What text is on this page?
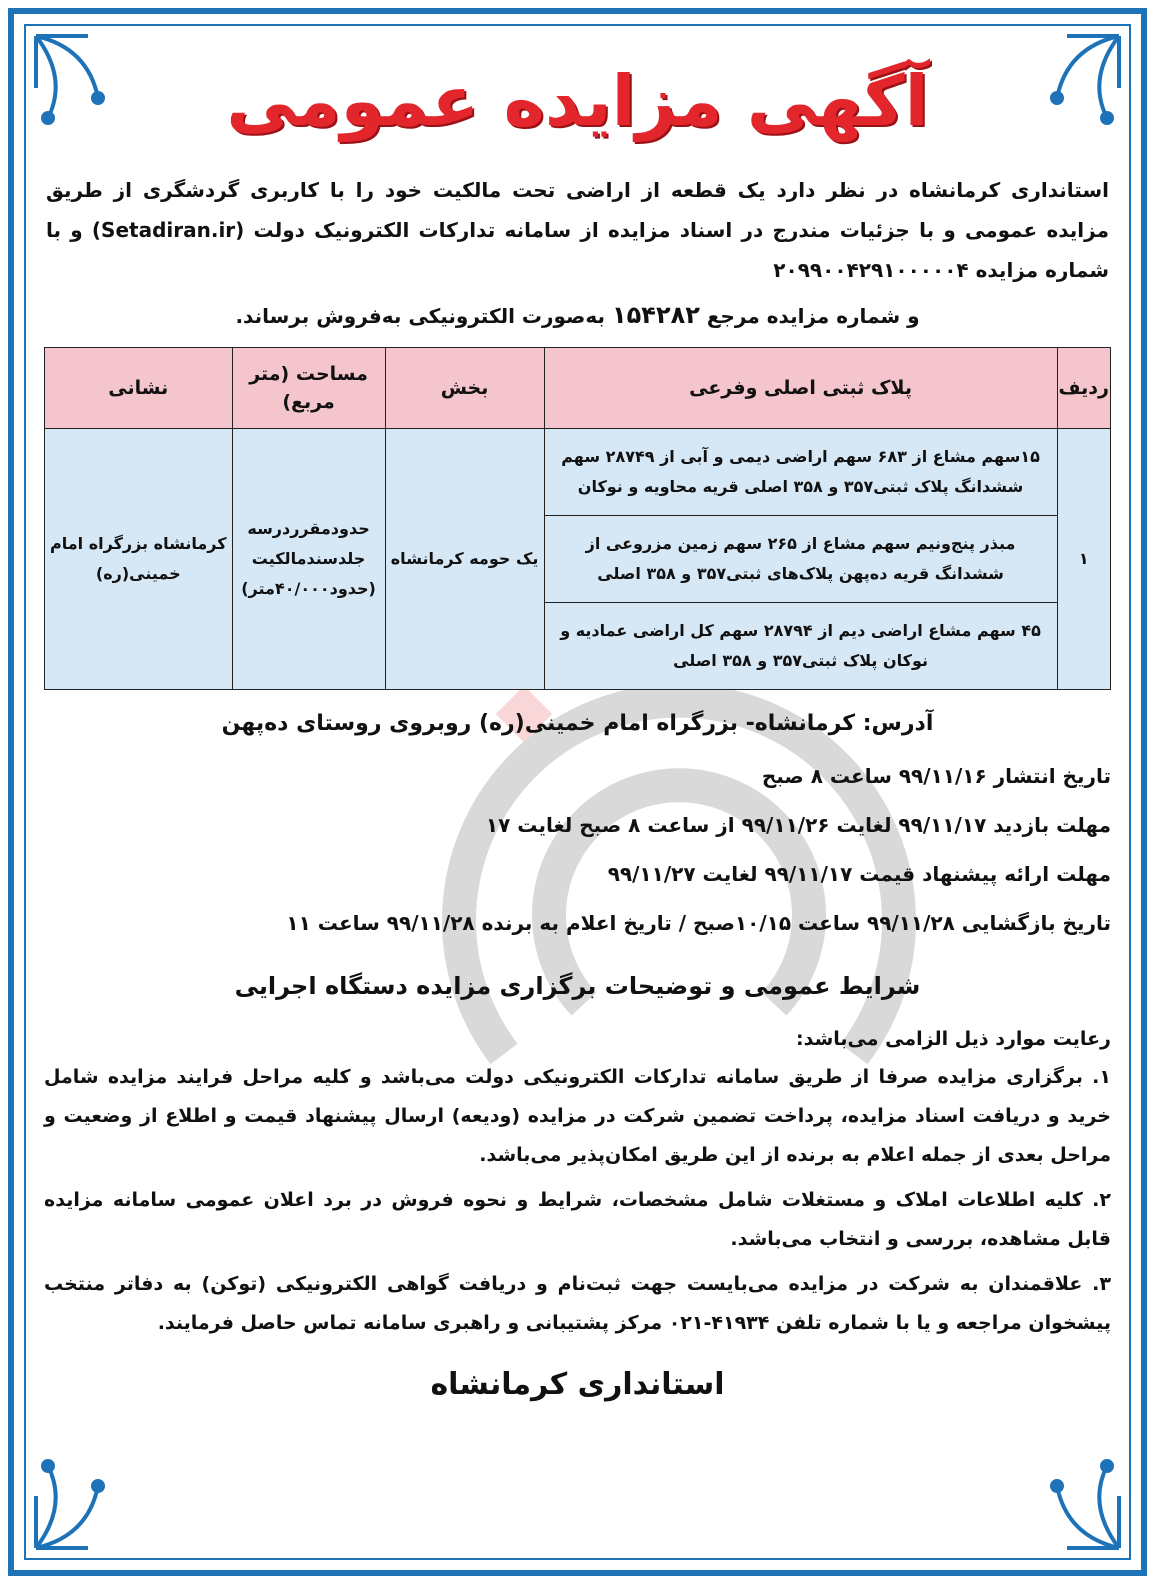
آگهی مزایده عمومی
استانداری کرمانشاه در نظر دارد یک قطعه از اراضی تحت مالکیت خود را با کاربری گردشگری از طریق مزایده عمومی و با جزئیات مندرج در اسناد مزایده از سامانه تدارکات الکترونیک دولت (Setadiran.ir) و با شماره مزایده ۲۰۹۹۰۰۴۲۹۱۰۰۰۰۰۴
و شماره مزایده مرجع ۱۵۴۲۸۲ به‌صورت الکترونیکی به‌فروش برساند.
ردیف	پلاک ثبتی اصلی وفرعی	بخش	مساحت (متر مربع)	نشانی
۱	۱۵سهم مشاع از ۶۸۳ سهم اراضی دیمی و آبی از ۲۸۷۴۹ سهم ششدانگ پلاک ثبتی۳۵۷ و ۳۵۸ اصلی قریه محاویه و نوکان	یک حومه کرمانشاه	حدودمقرردرسه جلدسندمالکیت (حدود۴۰/۰۰۰متر)	کرمانشاه بزرگراه امام خمینی(ره)
	مبذر پنج‌ونیم سهم مشاع از ۲۶۵ سهم زمین مزروعی از ششدانگ قریه ده‌پهن پلاک‌های ثبتی۳۵۷ و ۳۵۸ اصلی			
	۴۵ سهم مشاع اراضی دیم از ۲۸۷۹۴ سهم کل اراضی عمادیه و نوکان پلاک ثبتی۳۵۷ و ۳۵۸ اصلی			
آدرس: کرمانشاه- بزرگراه امام خمینی(ره) روبروی روستای ده‌پهن
تاریخ انتشار ۹۹/۱۱/۱۶ ساعت ۸ صبح
مهلت بازدید ۹۹/۱۱/۱۷ لغایت ۹۹/۱۱/۲۶ از ساعت ۸ صبح لغایت ۱۷
مهلت ارائه پیشنهاد قیمت ۹۹/۱۱/۱۷ لغایت ۹۹/۱۱/۲۷
تاریخ بازگشایی ۹۹/۱۱/۲۸ ساعت ۱۰/۱۵صبح / تاریخ اعلام به برنده ۹۹/۱۱/۲۸ ساعت ۱۱
شرایط عمومی و توضیحات برگزاری مزایده دستگاه اجرایی
رعایت موارد ذیل الزامی می‌باشد:
۱. برگزاری مزایده صرفا از طریق سامانه تدارکات الکترونیکی دولت می‌باشد و کلیه مراحل فرایند مزایده شامل خرید و دریافت اسناد مزایده، پرداخت تضمین شرکت در مزایده (ودیعه) ارسال پیشنهاد قیمت و اطلاع از وضعیت و مراحل بعدی از جمله اعلام به برنده از این طریق امکان‌پذیر می‌باشد.
۲. کلیه اطلاعات املاک و مستغلات شامل مشخصات، شرایط و نحوه فروش در برد اعلان عمومی سامانه مزایده قابل مشاهده، بررسی و انتخاب می‌باشد.
۳. علاقمندان به شرکت در مزایده می‌بایست جهت ثبت‌نام و دریافت گواهی الکترونیکی (توکن) به دفاتر منتخب پیشخوان مراجعه و یا با شماره تلفن ۴۱۹۳۴-۰۲۱ مرکز پشتیبانی و راهبری سامانه تماس حاصل فرمایند.
استانداری کرمانشاه
